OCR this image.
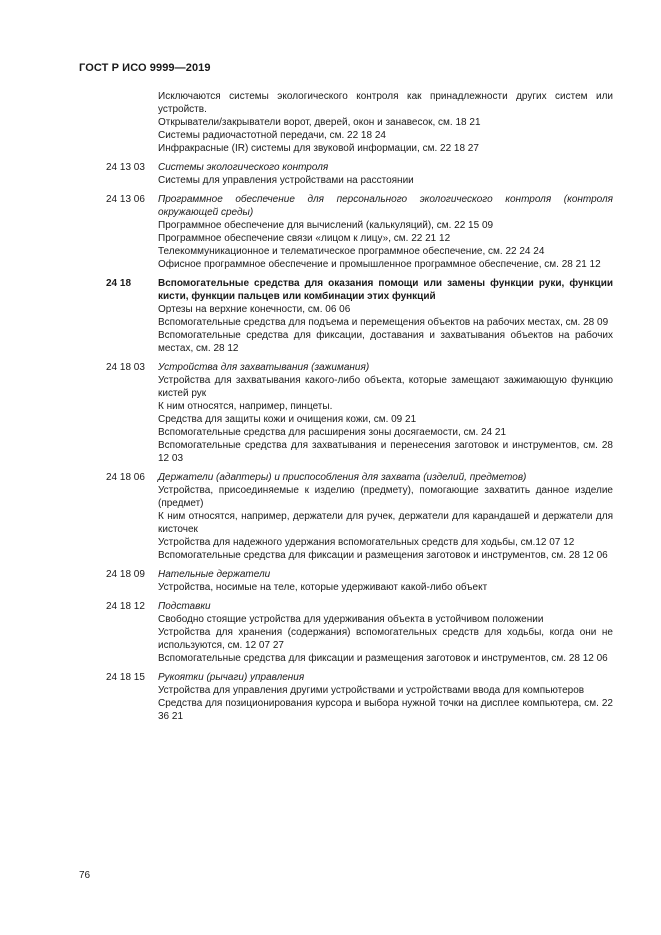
ГОСТ Р ИСО 9999—2019
Исключаются системы экологического контроля как принадлежности других систем или устройств.
Открыватели/закрыватели ворот, дверей, окон и занавесок, см. 18 21
Системы радиочастотной передачи, см. 22 18 24
Инфракрасные (IR) системы для звуковой информации, см. 22 18 27
24 13 03 Системы экологического контроля
Системы для управления устройствами на расстоянии
24 13 06 Программное обеспечение для персонального экологического контроля (контроля окружающей среды)
Программное обеспечение для вычислений (калькуляций), см. 22 15 09
Программное обеспечение связи «лицом к лицу», см. 22 21 12
Телекоммуникационное и телематическое программное обеспечение, см. 22 24 24
Офисное программное обеспечение и промышленное программное обеспечение, см. 28 21 12
24 18	Вспомогательные средства для оказания помощи или замены функции руки, функции кисти, функции пальцев или комбинации этих функций
Ортезы на верхние конечности, см. 06 06
Вспомогательные средства для подъема и перемещения объектов на рабочих местах, см. 28 09
Вспомогательные средства для фиксации, доставания и захватывания объектов на рабочих местах, см. 28 12
24 18 03 Устройства для захватывания (зажимания)
Устройства для захватывания какого-либо объекта, которые замещают зажимающую функцию кистей рук
К ним относятся, например, пинцеты.
Средства для защиты кожи и очищения кожи, см. 09 21
Вспомогательные средства для расширения зоны досягаемости, см. 24 21
Вспомогательные средства для захватывания и перенесения заготовок и инструментов, см. 28 12 03
24 18 06 Держатели (адаптеры) и приспособления для захвата (изделий, предметов)
Устройства, присоединяемые к изделию (предмету), помогающие захватить данное изделие (предмет)
К ним относятся, например, держатели для ручек, держатели для карандашей и держатели для кисточек
Устройства для надежного удержания вспомогательных средств для ходьбы, см.12 07 12
Вспомогательные средства для фиксации и размещения заготовок и инструментов, см. 28 12 06
24 18 09 Нательные держатели
Устройства, носимые на теле, которые удерживают какой-либо объект
24 18 12 Подставки
Свободно стоящие устройства для удерживания объекта в устойчивом положении
Устройства для хранения (содержания) вспомогательных средств для ходьбы, когда они не используются, см. 12 07 27
Вспомогательные средства для фиксации и размещения заготовок и инструментов, см. 28 12 06
24 18 15 Рукоятки (рычаги) управления
Устройства для управления другими устройствами и устройствами ввода для компьютеров
Средства для позиционирования курсора и выбора нужной точки на дисплее компьютера, см. 22 36 21
76
